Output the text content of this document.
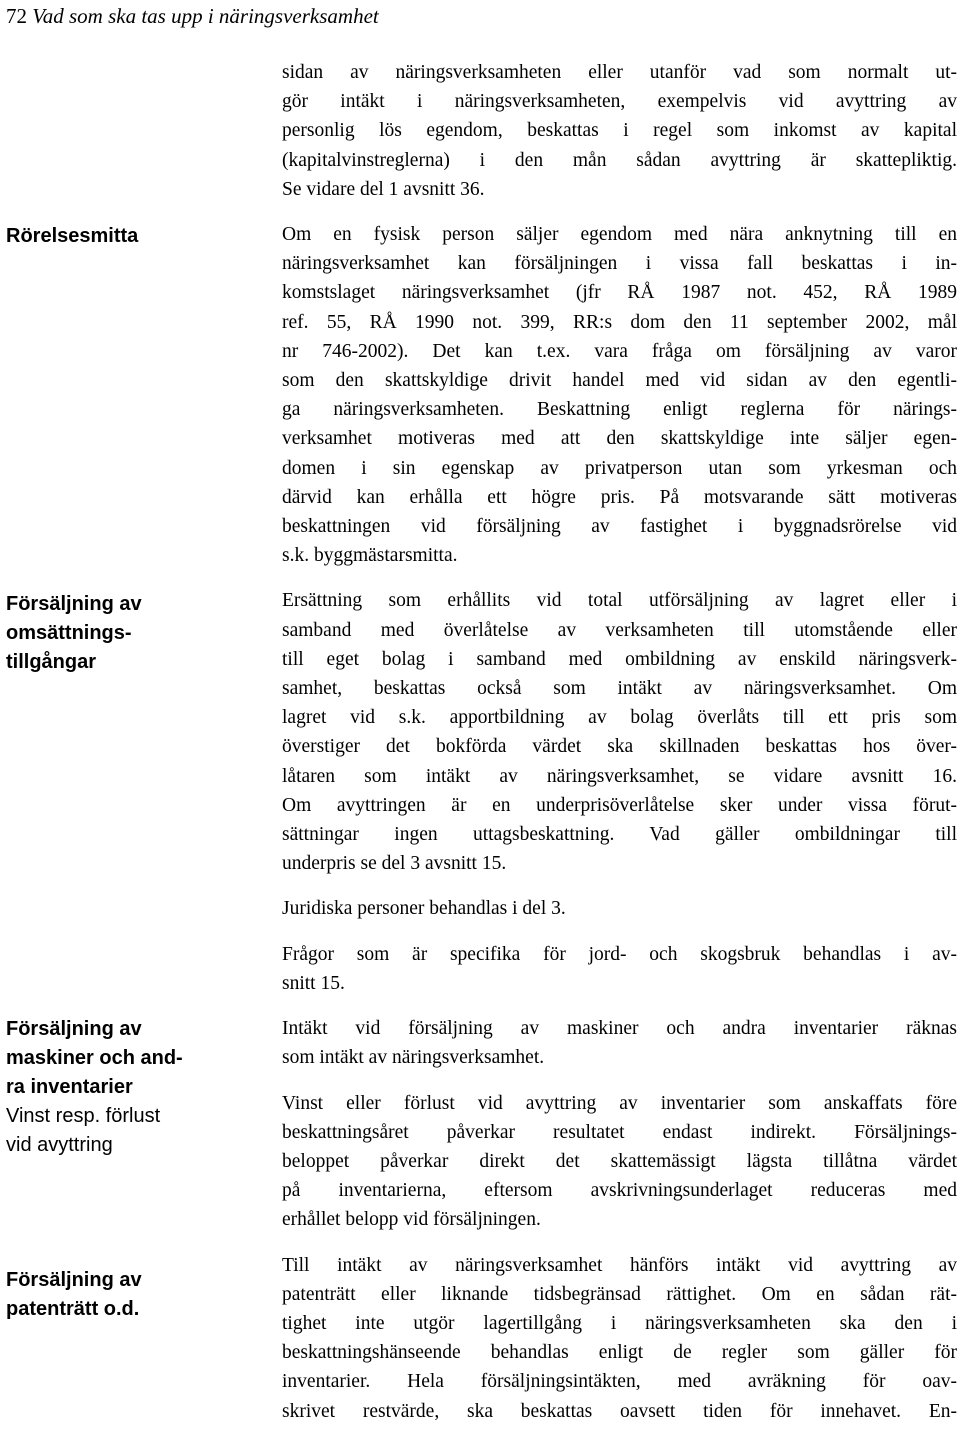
72 Vad som ska tas upp i näringsverksamhet
Rörelsesmitta
Försäljning av
omsättnings-
tillgångar
Försäljning av
maskiner och and-
ra inventarier
Vinst resp. förlust
vid avyttring
Försäljning av
patenträtt o.d.

sidan av näringsverksamheten eller utanför vad som normalt ut-
gör intäkt i näringsverksamheten, exempelvis vid avyttring av
personlig lös egendom, beskattas i regel som inkomst av kapital
(kapitalvinstreglerna) i den mån sådan avyttring är skattepliktig.
Se vidare del 1 avsnitt 36.

Om en fysisk person säljer egendom med nära anknytning till en
näringsverksamhet kan försäljningen i vissa fall beskattas i in-
komstslaget näringsverksamhet (jfr RÅ 1987 not. 452, RÅ 1989
ref. 55, RÅ 1990 not. 399, RR:s dom den 11 september 2002, mål
nr 746-2002). Det kan t.ex. vara fråga om försäljning av varor
som den skattskyldige drivit handel med vid sidan av den egentli-
ga näringsverksamheten. Beskattning enligt reglerna för närings-
verksamhet motiveras med att den skattskyldige inte säljer egen-
domen i sin egenskap av privatperson utan som yrkesman och
därvid kan erhålla ett högre pris. På motsvarande sätt motiveras
beskattningen vid försäljning av fastighet i byggnadsrörelse vid
s.k. byggmästarsmitta.

Ersättning som erhållits vid total utförsäljning av lagret eller i
samband med överlåtelse av verksamheten till utomstående eller
till eget bolag i samband med ombildning av enskild näringsverk-
samhet, beskattas också som intäkt av näringsverksamhet. Om
lagret vid s.k. apportbildning av bolag överlåts till ett pris som
överstiger det bokförda värdet ska skillnaden beskattas hos över-
låtaren som intäkt av näringsverksamhet, se vidare avsnitt 16.
Om avyttringen är en underprisöverlåtelse sker under vissa förut-
sättningar ingen uttagsbeskattning. Vad gäller ombildningar till
underpris se del 3 avsnitt 15.

Juridiska personer behandlas i del 3.

Frågor som är specifika för jord- och skogsbruk behandlas i av-
snitt 15.

Intäkt vid försäljning av maskiner och andra inventarier räknas
som intäkt av näringsverksamhet.

Vinst eller förlust vid avyttring av inventarier som anskaffats före
beskattningsåret påverkar resultatet endast indirekt. Försäljnings-
beloppet påverkar direkt det skattemässigt lägsta tillåtna värdet
på inventarierna, eftersom avskrivningsunderlaget reduceras med
erhållet belopp vid försäljningen.

Till intäkt av näringsverksamhet hänförs intäkt vid avyttring av
patenträtt eller liknande tidsbegränsad rättighet. Om en sådan rät-
tighet inte utgör lagertillgång i näringsverksamheten ska den i
beskattningshänseende behandlas enligt de regler som gäller för
inventarier. Hela försäljningsintäkten, med avräkning för oav-
skrivet restvärde, ska beskattas oavsett tiden för innehavet. En-
